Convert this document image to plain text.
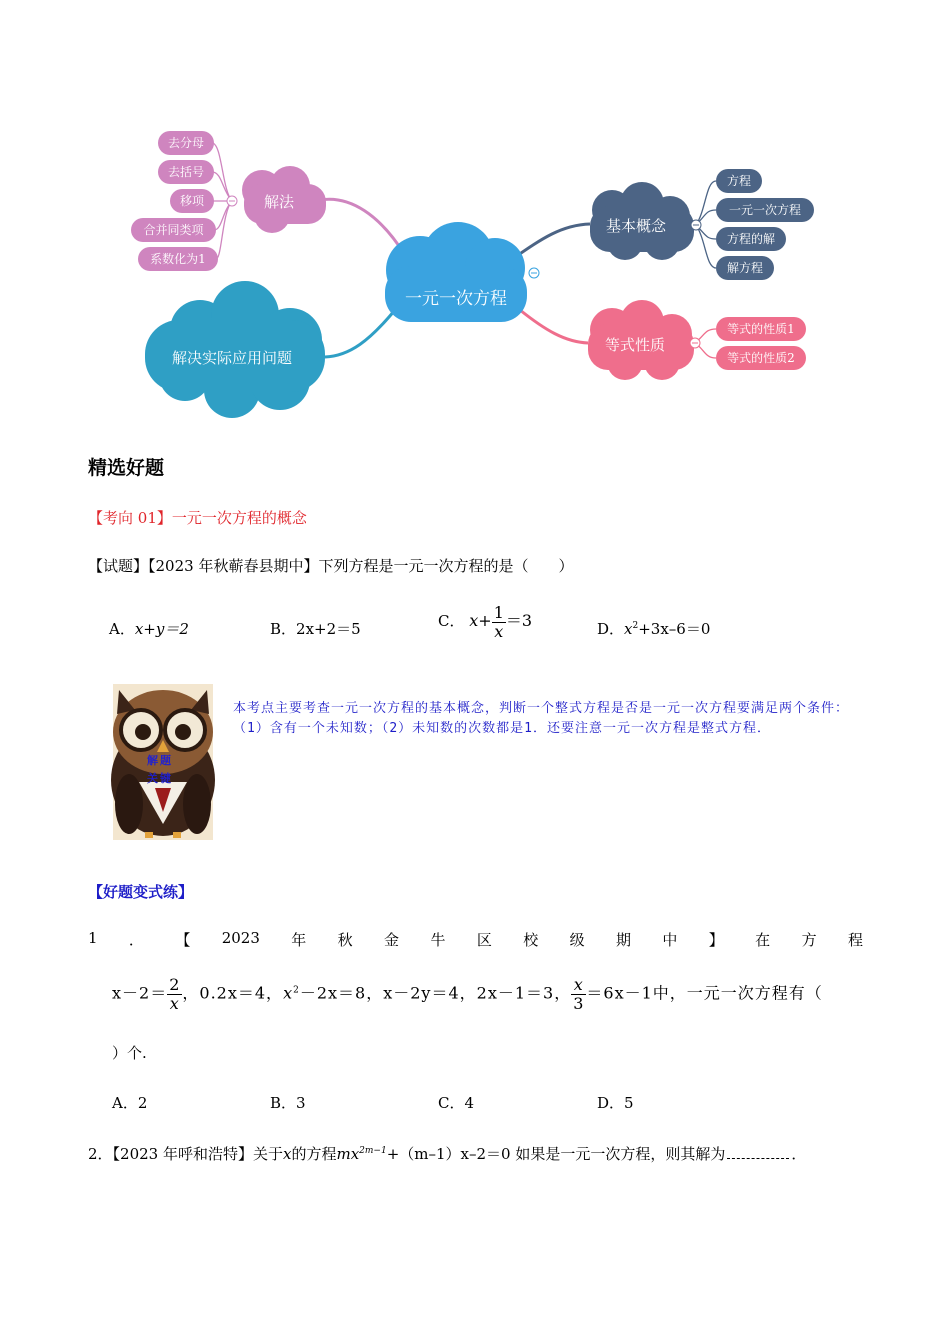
一元一次方程
解法
基本概念
等式性质
解决实际应用问题
去分母
去括号
移项
合并同类项
系数化为1
方程
一元一次方程
方程的解
解方程
等式的性质1
等式的性质2
精选好题
【考向 01】一元一次方程的概念
【试题】【2023 年秋蕲春县期中】下列方程是一元一次方程的是（　　）
A．x+y＝2	B．2x+2＝5	C． $x+ \frac{1}{x} =3$	D．$x^2+3x-6=0$
解题
关键
本考点主要考查一元一次方程的基本概念，判断一个整式方程是否是一元一次方程要满足两个条件：（1）含有一个未知数；（2）未知数的次数都是1．还要注意一元一次方程是整式方程．
【好题变式练】
1 ． 【 2023 年 秋 金 牛 区 校 级 期 中 】 在 方 程
$x-2= \frac{2}{x}$ ，0.2x＝4，$x^2-2x=8$，x－2y＝4，2x－1＝3， $\frac{x}{3} =6x-1$中，一元一次方程有（
）个.
A．2	B．3	C．4	D．5
2．【2023 年呼和浩特】关于x的方程$mx^{2m-1}+(m-1)x-2=0$ 如果是一元一次方程，则其解为	．
